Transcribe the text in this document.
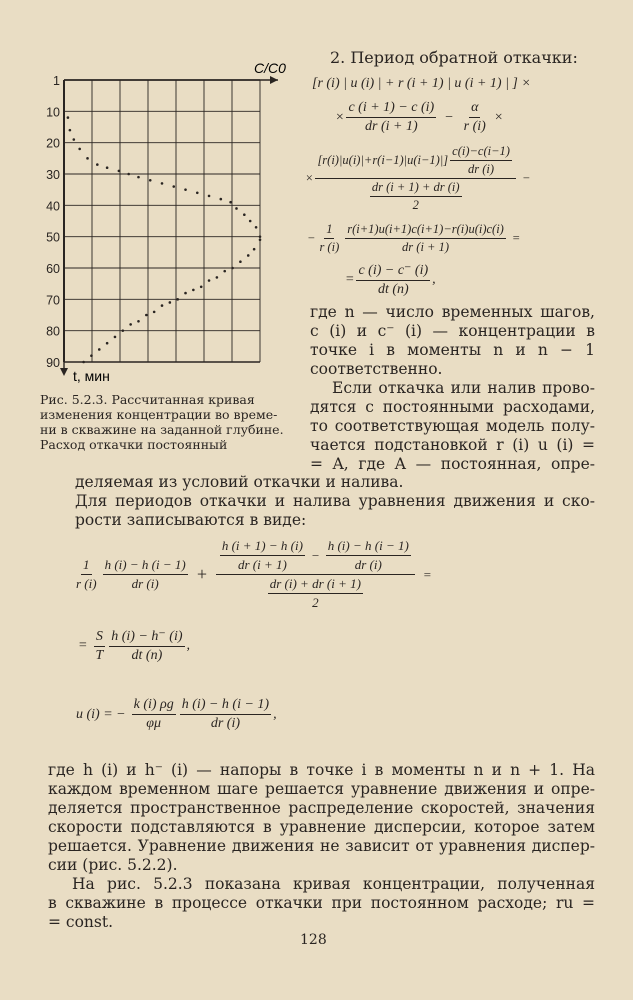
1
10
20
30
40
50
60
70
80
90
C/C0
t, мин
Рис. 5.2.3. Рассчитанная кривая
изменения концентрации во време-
ни в скважине на заданной глубине.
Расход откачки постоянный
2. Период обратной откачки:
[r (i) | u (i) | + r (i + 1) | u (i + 1) | ] ×
× $\frac{c (i + 1) - c (i)}{dr (i + 1)} - \frac{\alpha}{r (i)}$ ×
×
$[r(i)|u(i)|+r(i-1)|u(i-1)|] \frac{c(i)-c(i-1)}{dr (i)}$
$\frac{dr (i + 1) + dr (i)}{2}$
−
− $\frac{1}{r (i)} \frac{r(i+1)u(i+1)c(i+1)-r(i)u(i)c(i)}{dr (i + 1)}$ =
= $\frac{c (i) - c^- (i)}{dt (n)}$ ,
где n — число временных шагов,
c (i) и c⁻ (i) — концентрации в
точке i в моменты n и n − 1
соответственно.
Если откачка или налив прово-
дятся с постоянными расходами,
то соответствующая модель полу-
чается подстановкой r (i) u (i) =
= A, где A — постоянная, опре-
деляемая из условий откачки и налива.
Для периодов откачки и налива уравнения движения и ско-
рости записываются в виде:
$\frac{1}{r (i)} \frac{h (i) - h (i - 1)}{dr (i)}$ +
$\frac{h (i + 1) - h (i)}{dr (i + 1)} - \frac{h (i) - h (i - 1)}{dr (i)}$
$\frac{dr (i) + dr (i + 1)}{2}$
=
= $\frac{S}{T} \frac{h (i) - h^- (i)}{dt (n)}$ ,
u (i) = − $\frac{k (i) \rho g}{\varphi\mu} \frac{h (i) - h (i - 1)}{dr (i)}$ ,
где h (i) и h⁻ (i) — напоры в точке i в моменты n и n + 1. На
каждом временном шаге решается уравнение движения и опре-
деляется пространственное распределение скоростей, значения
скорости подставляются в уравнение дисперсии, которое затем
решается. Уравнение движения не зависит от уравнения диспер-
сии (рис. 5.2.2).
На рис. 5.2.3 показана кривая концентрации, полученная
в скважине в процессе откачки при постоянном расходе; ru =
= const.
128
